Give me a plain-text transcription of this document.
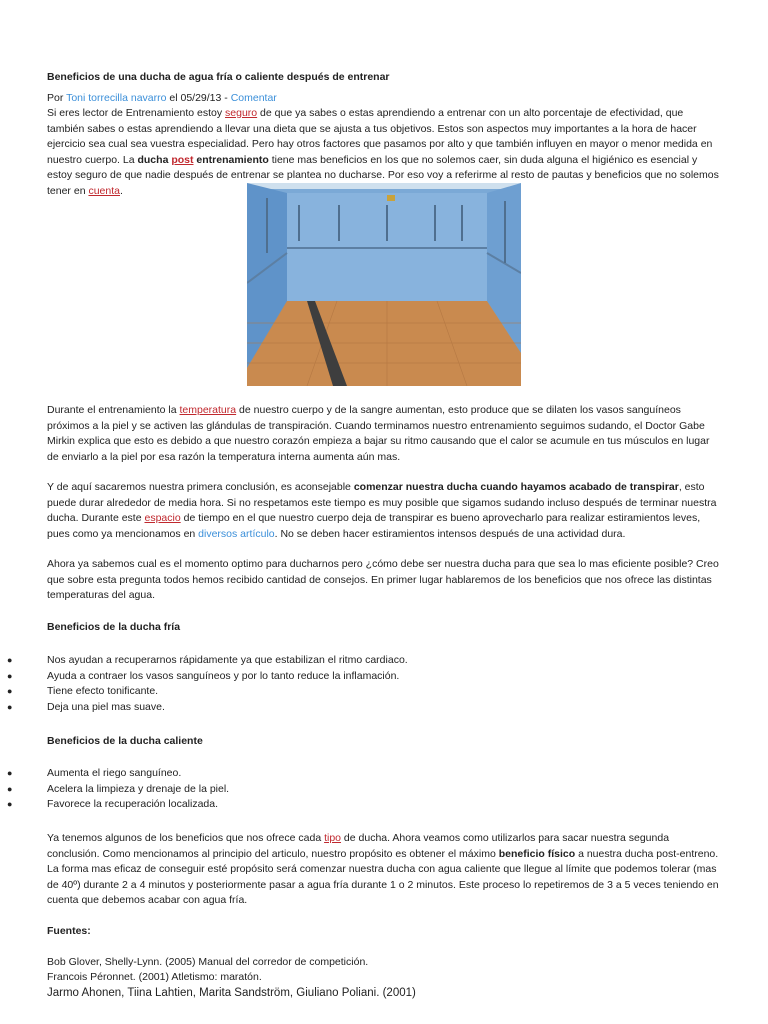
Beneficios de una ducha de agua fría o caliente después de entrenar
Por Toni torrecilla navarro el 05/29/13 - Comentar

Si eres lector de Entrenamiento estoy seguro de que ya sabes o estas aprendiendo a entrenar con un alto porcentaje de efectividad, que también sabes o estas aprendiendo a llevar una dieta que se ajusta a tus objetivos. Estos son aspectos muy importantes a la hora de hacer ejercicio sea cual sea vuestra especialidad. Pero hay otros factores que pasamos por alto y que también influyen en mayor o menor medida en nuestro cuerpo. La ducha post entrenamiento tiene mas beneficios en los que no solemos caer, sin duda alguna el higiénico es esencial y estoy seguro de que nadie después de entrenar se plantea no ducharse. Por eso voy a referirme al resto de pautas y beneficios que no solemos tener en cuenta.

Durante el entrenamiento la temperatura de nuestro cuerpo y de la sangre aumentan, esto produce que se dilaten los vasos sanguíneos próximos a la piel y se activen las glándulas de transpiración. Cuando terminamos nuestro entrenamiento seguimos sudando, el Doctor Gabe Mirkin explica que esto es debido a que nuestro corazón empieza a bajar su ritmo causando que el calor se acumule en tus músculos en lugar de enviarlo a la piel por esa razón la temperatura interna aumenta aún mas.

Y de aquí sacaremos nuestra primera conclusión, es aconsejable comenzar nuestra ducha cuando hayamos acabado de transpirar, esto puede durar alrededor de media hora. Si no respetamos este tiempo es muy posible que sigamos sudando incluso después de terminar nuestra ducha. Durante este espacio de tiempo en el que nuestro cuerpo deja de transpirar es bueno aprovecharlo para realizar estiramientos leves, pues como ya mencionamos en diversos artículo. No se deben hacer estiramientos intensos después de una actividad dura.

Ahora ya sabemos cual es el momento optimo para ducharnos pero ¿cómo debe ser nuestra ducha para que sea lo mas eficiente posible? Creo que sobre esta pregunta todos hemos recibido cantidad de consejos. En primer lugar hablaremos de los beneficios que nos ofrece las distintas temperaturas del agua.

Beneficios de la ducha fría
● Nos ayudan a recuperarnos rápidamente ya que estabilizan el ritmo cardiaco.
● Ayuda a contraer los vasos sanguíneos y por lo tanto reduce la inflamación.
● Tiene efecto tonificante.
● Deja una piel mas suave.
Beneficios de la ducha caliente
● Aumenta el riego sanguíneo.
● Acelera la limpieza y drenaje de la piel.
● Favorece la recuperación localizada.

Ya tenemos algunos de los beneficios que nos ofrece cada tipo de ducha. Ahora veamos como utilizarlos para sacar nuestra segunda conclusión. Como mencionamos al principio del articulo, nuestro propósito es obtener el máximo beneficio físico a nuestra ducha post-entreno. La forma mas eficaz de conseguir esté propósito será comenzar nuestra ducha con agua caliente que llegue al límite que podemos tolerar (mas de 40º) durante 2 a 4 minutos y posteriormente pasar a agua fría durante 1 o 2 minutos. Este proceso lo repetiremos de 3 a 5 veces teniendo en cuenta que debemos acabar con agua fría.

Fuentes:
Bob Glover, Shelly-Lynn. (2005) Manual del corredor de competición.
Francois Péronnet. (2001) Atletismo: maratón.
Jarmo Ahonen, Tiina Lahtien, Marita Sandström, Giuliano Poliani. (2001)
